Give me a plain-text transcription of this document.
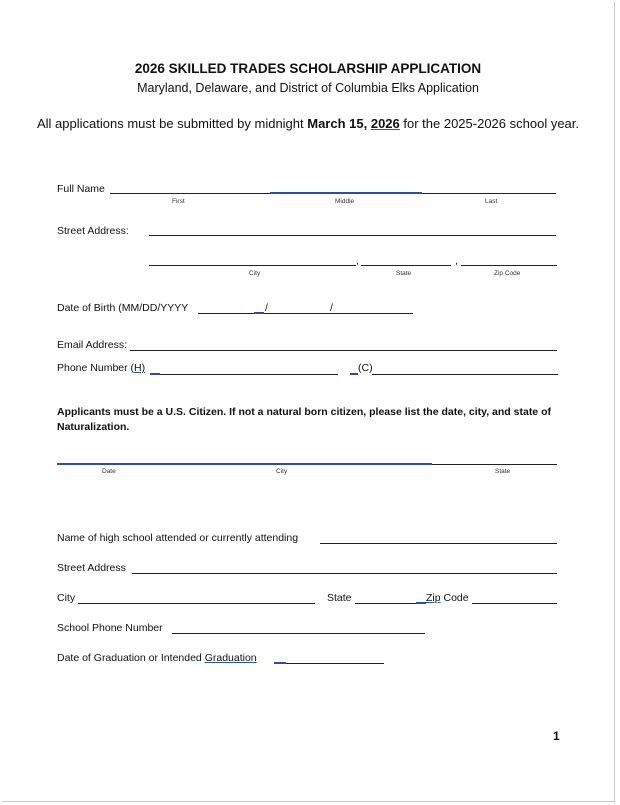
2026 SKILLED TRADES SCHOLARSHIP APPLICATION
Maryland, Delaware, and District of Columbia Elks Application
All applications must be submitted by midnight March 15, 2026 for the 2025-2026 school year.
Full Name
First	Middle	Last
Street Address:
,	,
City	State	Zip Code
Date of Birth (MM/DD/YYYY	/	/
Email Address:
Phone Number (H)	(C)
Applicants must be a U.S. Citizen. If not a natural born citizen, please list the date, city, and state of Naturalization.
Date	City	State
Name of high school attended or currently attending
Street Address
City	State	Zip Code
School Phone Number
Date of Graduation or Intended Graduation
1
